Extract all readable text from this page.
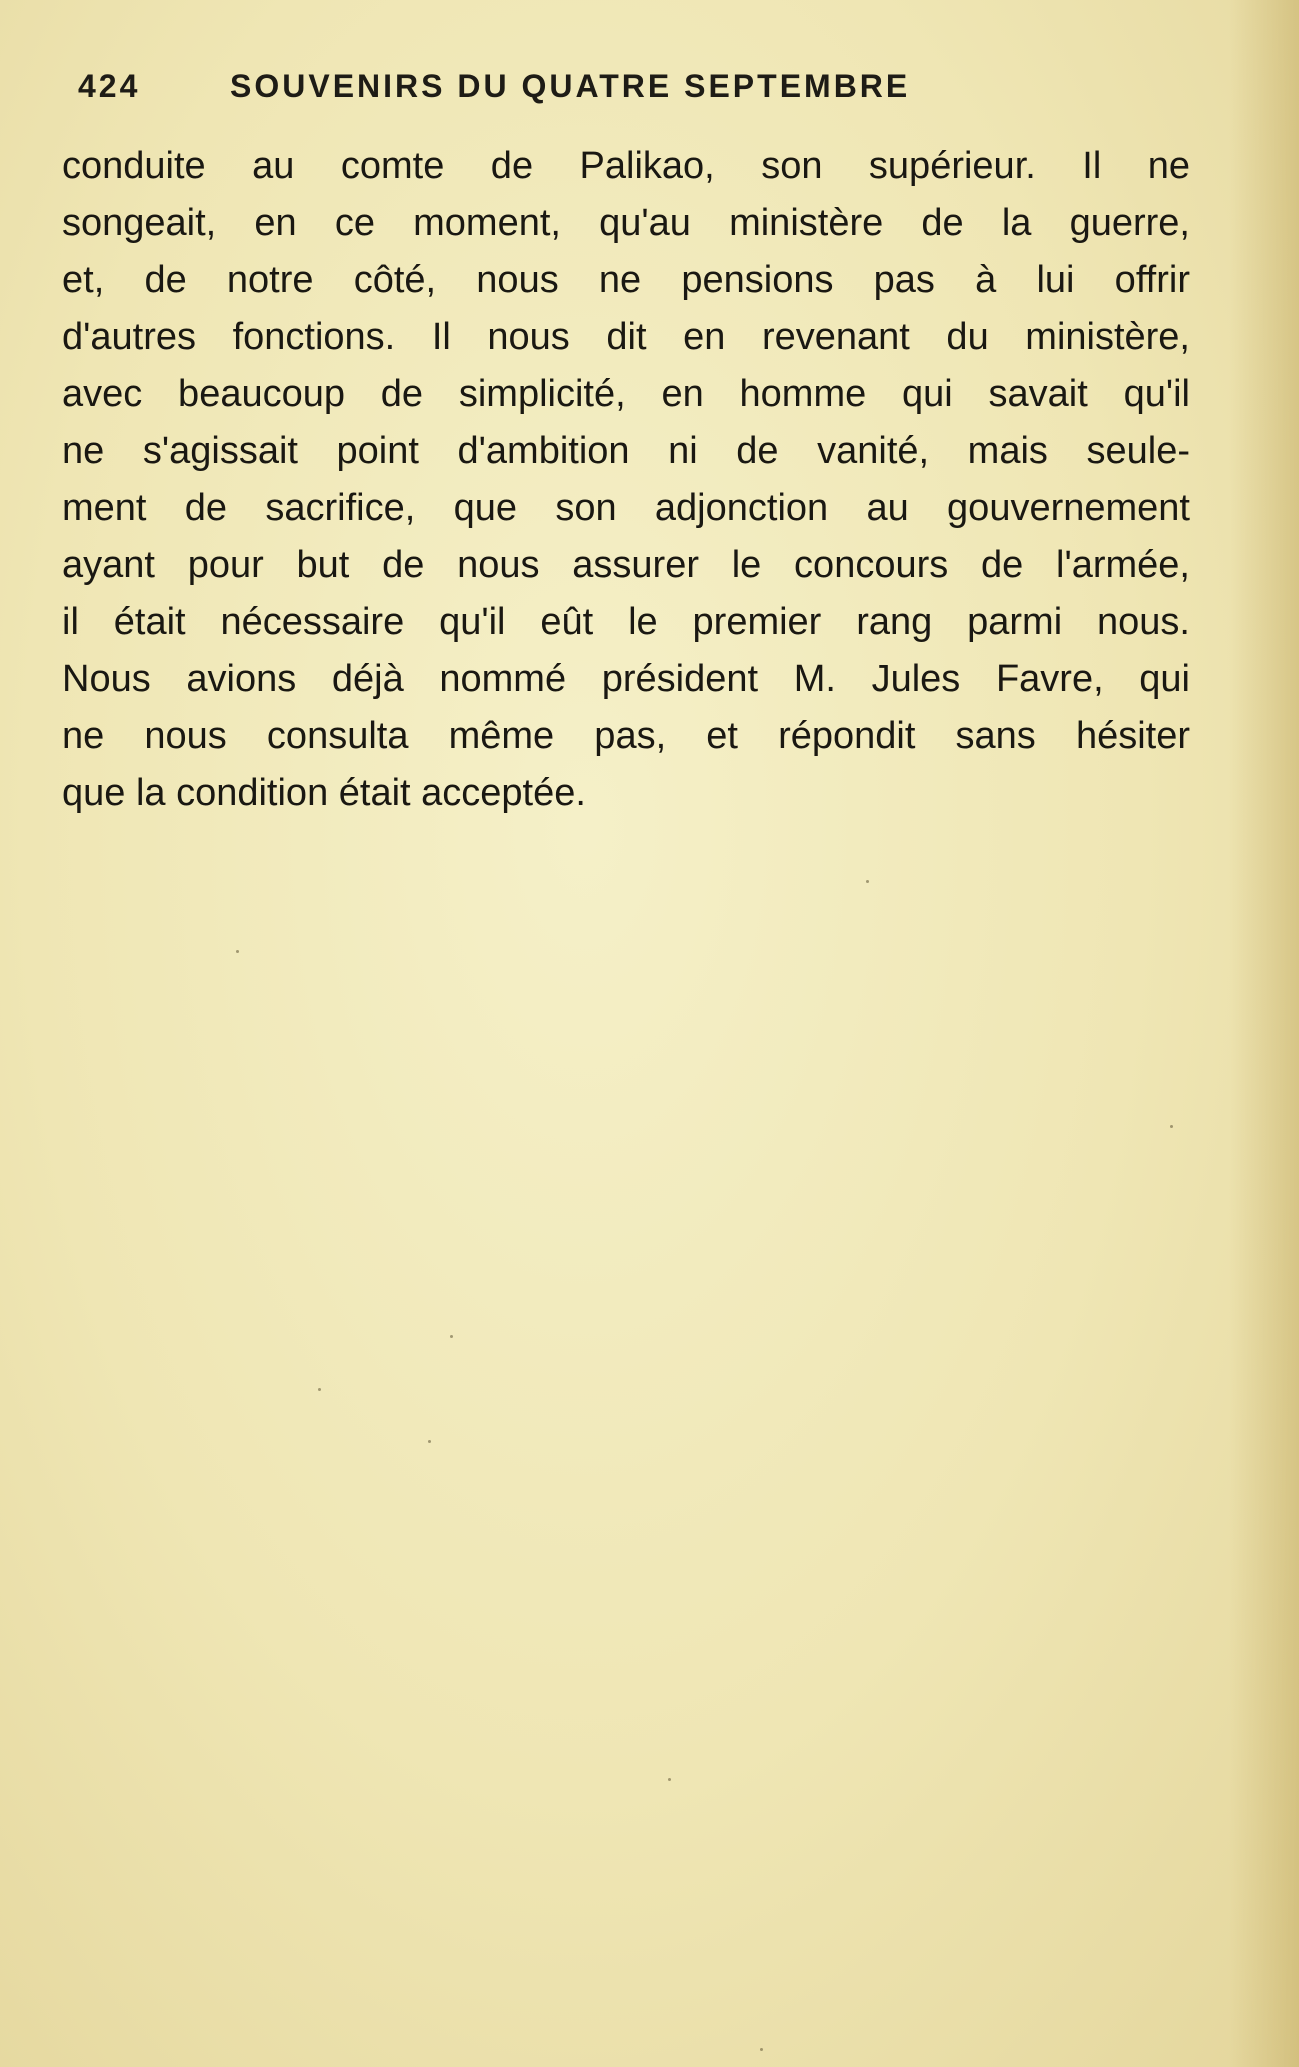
424	SOUVENIRS DU QUATRE SEPTEMBRE
conduite au comte de Palikao, son supérieur. Il ne
songeait, en ce moment, qu'au ministère de la guerre,
et, de notre côté, nous ne pensions pas à lui offrir
d'autres fonctions. Il nous dit en revenant du ministère,
avec beaucoup de simplicité, en homme qui savait qu'il
ne s'agissait point d'ambition ni de vanité, mais seule-
ment de sacrifice, que son adjonction au gouvernement
ayant pour but de nous assurer le concours de l'armée,
il était nécessaire qu'il eût le premier rang parmi nous.
Nous avions déjà nommé président M. Jules Favre, qui
ne nous consulta même pas, et répondit sans hésiter
que la condition était acceptée.
